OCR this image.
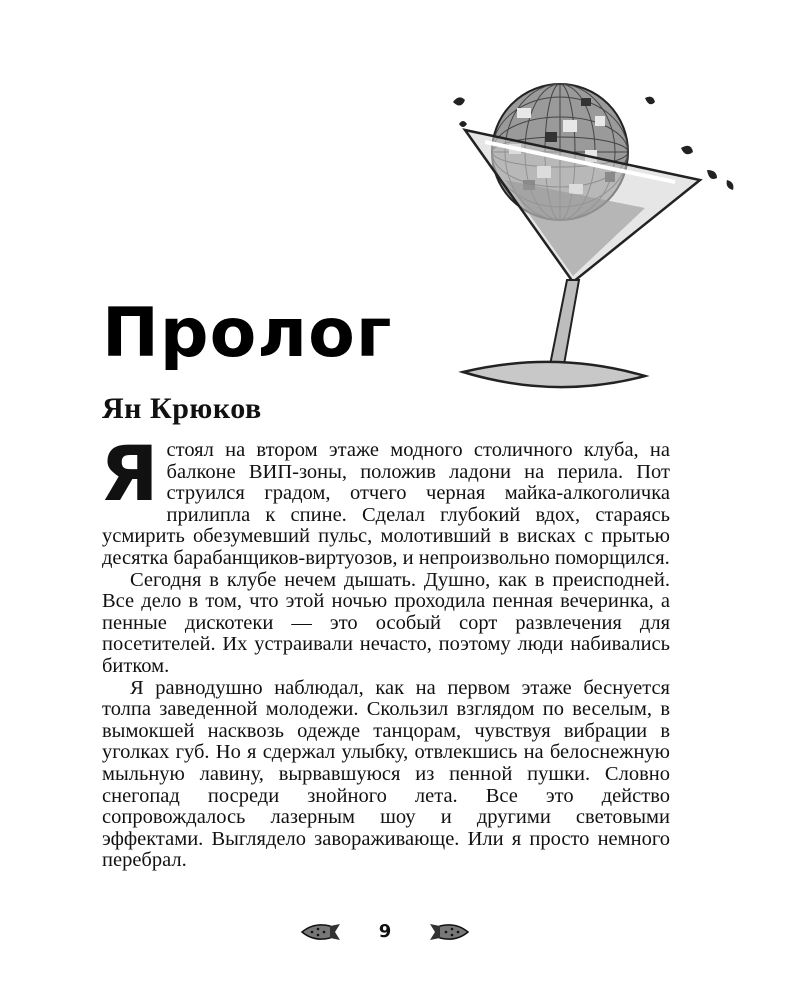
Пролог
Ян Крюков

Я стоял на втором этаже модного столичного клуба, на балконе ВИП-зоны, положив ладони на перила. Пот струился градом, отчего черная майка-алкоголичка прилипла к спине. Сделал глубокий вдох, стараясь усмирить обезумевший пульс, молотивший в висках с прытью десятка барабанщиков-виртуозов, и непроизвольно поморщился.

Сегодня в клубе нечем дышать. Душно, как в преисподней. Все дело в том, что этой ночью проходила пенная вечеринка, а пенные дискотеки — это особый сорт развлечения для посетителей. Их устраивали нечасто, поэтому люди набивались битком.

Я равнодушно наблюдал, как на первом этаже беснуется толпа заведенной молодежи. Скользил взглядом по веселым, в вымокшей насквозь одежде танцорам, чувствуя вибрации в уголках губ. Но я сдержал улыбку, отвлекшись на белоснежную мыльную лавину, вырвавшуюся из пенной пушки. Словно снегопад посреди знойного лета. Все это действо сопровождалось лазерным шоу и другими световыми эффектами. Выглядело завораживающе. Или я просто немного перебрал.

9
